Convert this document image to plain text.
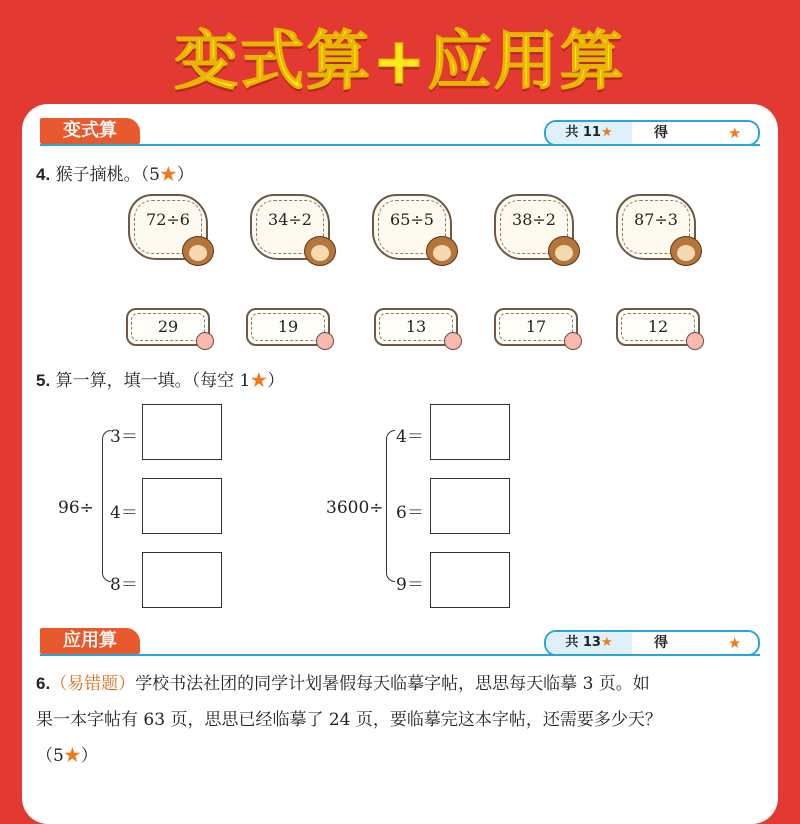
变式算+应用算
变式算	共 11★	得	★
4. 猴子摘桃。（5★）
72÷6	34÷2	65÷5	38÷2	87÷3
29	19	13	17	12
5. 算一算，填一填。（每空 1★）
96÷
3＝
4＝
8＝
3600÷
4＝
6＝
9＝
应用算	共 13★	得	★
6.（易错题）学校书法社团的同学计划暑假每天临摹字帖，思思每天临摹 3 页。如
果一本字帖有 63 页，思思已经临摹了 24 页，要临摹完这本字帖，还需要多少天？
（5★）
